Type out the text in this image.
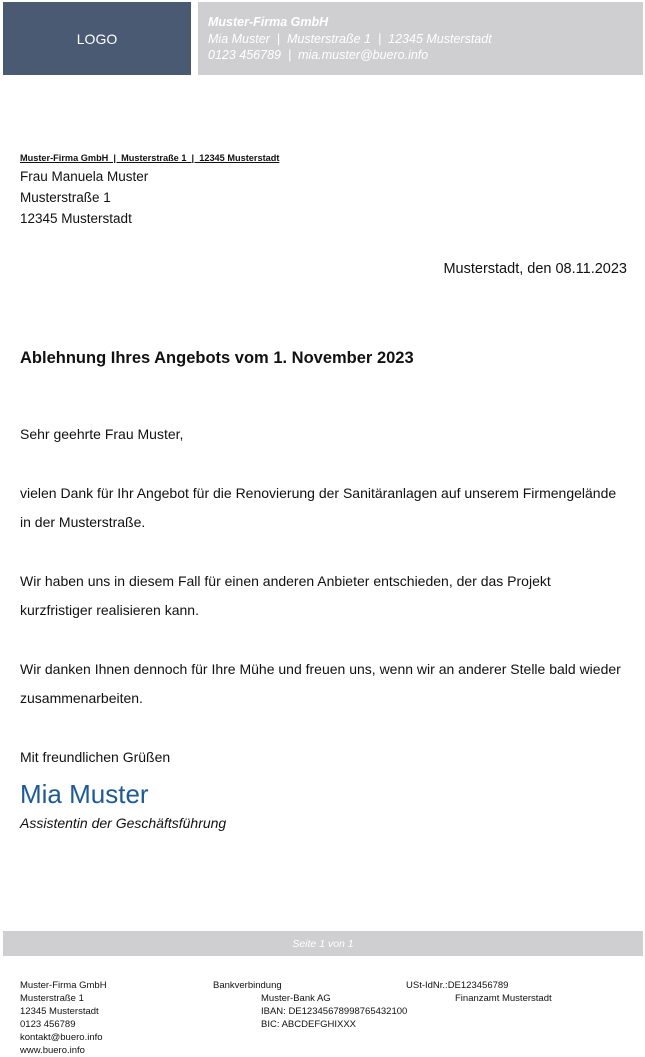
LOGO
Muster-Firma GmbH
Mia Muster  |  Musterstraße 1  |  12345 Musterstadt
0123 456789  |  mia.muster@buero.info
Muster-Firma GmbH  |  Musterstraße 1  |  12345 Musterstadt
Frau Manuela Muster
Musterstraße 1
12345 Musterstadt
Musterstadt, den 08.11.2023
Ablehnung Ihres Angebots vom 1. November 2023
Sehr geehrte Frau Muster,
vielen Dank für Ihr Angebot für die Renovierung der Sanitäranlagen auf unserem Firmengelände in der Musterstraße.
Wir haben uns in diesem Fall für einen anderen Anbieter entschieden, der das Projekt kurzfristiger realisieren kann.
Wir danken Ihnen dennoch für Ihre Mühe und freuen uns, wenn wir an anderer Stelle bald wieder zusammenarbeiten.
Mit freundlichen Grüßen
Mia Muster
Assistentin der Geschäftsführung
Seite 1 von 1
Muster-Firma GmbH
Musterstraße 1
12345 Musterstadt
0123 456789
kontakt@buero.info
www.buero.info
Bankverbindung
Muster-Bank AG
IBAN: DE12345678998765432100
BIC: ABCDEFGHIXXX
USt-IdNr.:DE123456789
Finanzamt Musterstadt
